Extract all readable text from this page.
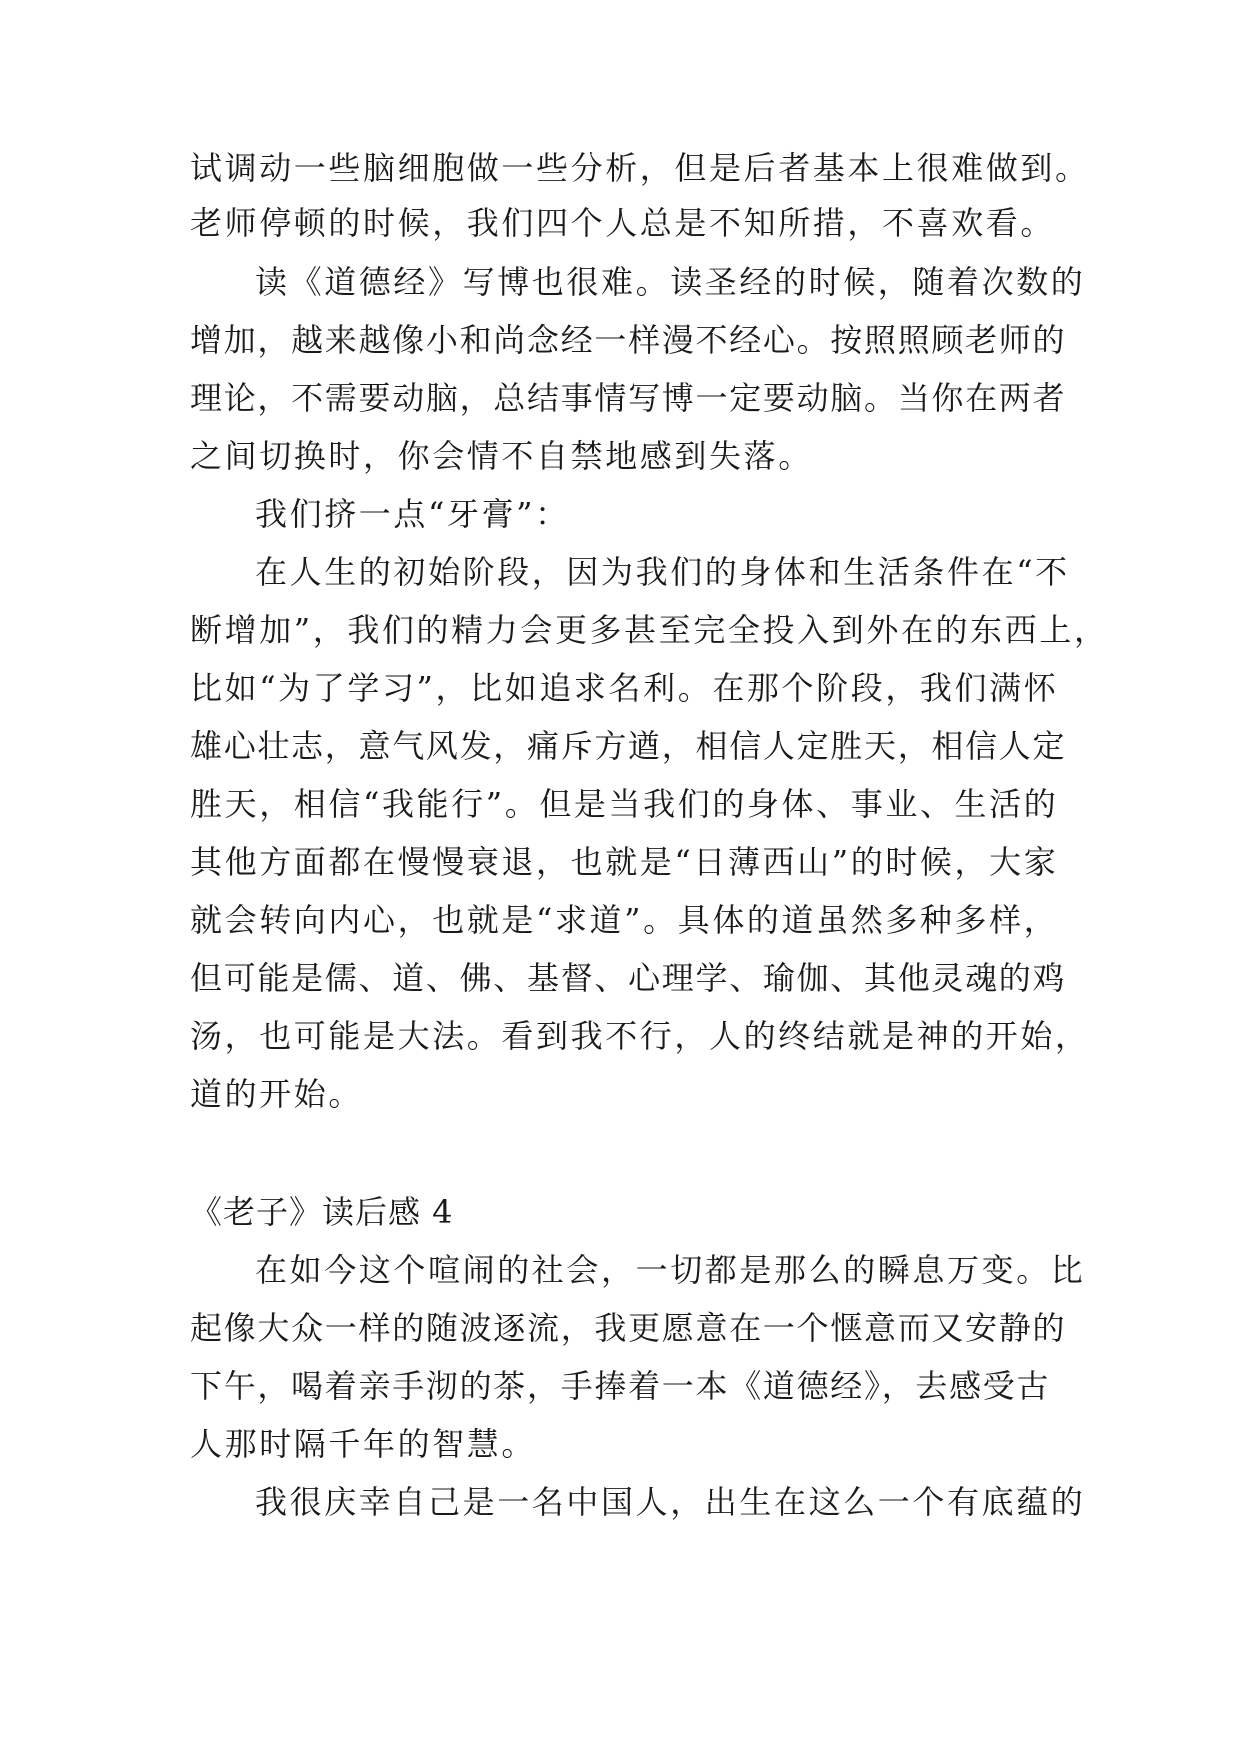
试调动一些脑细胞做一些分析，但是后者基本上很难做到。

老师停顿的时候，我们四个人总是不知所措，不喜欢看。

读《道德经》写博也很难。读圣经的时候，随着次数的

增加，越来越像小和尚念经一样漫不经心。按照照顾老师的

理论，不需要动脑，总结事情写博一定要动脑。当你在两者

之间切换时，你会情不自禁地感到失落。

我们挤一点“牙膏”：

在人生的初始阶段，因为我们的身体和生活条件在“不

断增加”，我们的精力会更多甚至完全投入到外在的东西上，

比如“为了学习”，比如追求名利。在那个阶段，我们满怀

雄心壮志，意气风发，痛斥方遒，相信人定胜天，相信人定

胜天，相信“我能行”。但是当我们的身体、事业、生活的

其他方面都在慢慢衰退，也就是“日薄西山”的时候，大家

就会转向内心，也就是“求道”。具体的道虽然多种多样，

但可能是儒、道、佛、基督、心理学、瑜伽、其他灵魂的鸡

汤，也可能是大法。看到我不行，人的终结就是神的开始，

道的开始。

《老子》读后感 4

在如今这个喧闹的社会，一切都是那么的瞬息万变。比

起像大众一样的随波逐流，我更愿意在一个惬意而又安静的

下午，喝着亲手沏的茶，手捧着一本《道德经》，去感受古

人那时隔千年的智慧。

我很庆幸自己是一名中国人，出生在这么一个有底蕴的
